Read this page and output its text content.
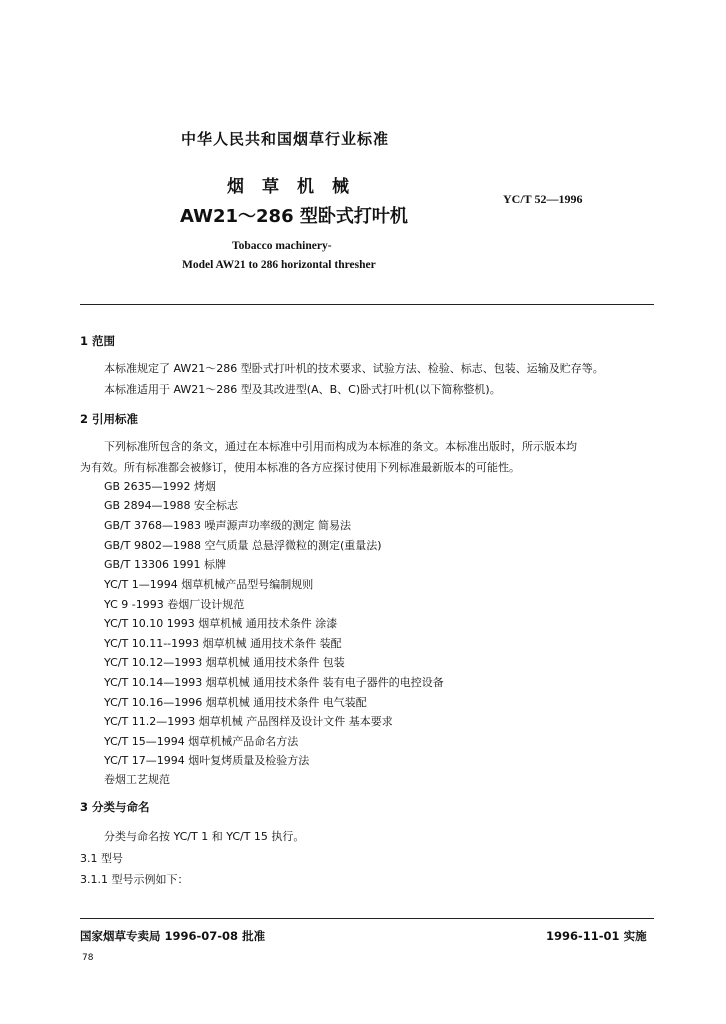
中华人民共和国烟草行业标准
烟草机械
AW21～286 型卧式打叶机
YC/T 52—1996
Tobacco machinery-
Model AW21 to 286 horizontal thresher
1 范围
本标准规定了 AW21～286 型卧式打叶机的技术要求、试验方法、检验、标志、包装、运输及贮存等。
本标准适用于 AW21～286 型及其改进型(A、B、C)卧式打叶机(以下简称整机)。
2 引用标准
下列标准所包含的条文，通过在本标准中引用而构成为本标准的条文。本标准出版时，所示版本均
为有效。所有标准都会被修订，使用本标准的各方应探讨使用下列标准最新版本的可能性。
GB 2635—1992 烤烟
GB 2894—1988 安全标志
GB/T 3768—1983 噪声源声功率级的测定 简易法
GB/T 9802—1988 空气质量 总悬浮微粒的测定(重量法)
GB/T 13306 1991 标牌
YC/T 1—1994 烟草机械产品型号编制规则
YC 9 -1993 卷烟厂设计规范
YC/T 10.10 1993 烟草机械 通用技术条件 涂漆
YC/T 10.11--1993 烟草机械 通用技术条件 装配
YC/T 10.12—1993 烟草机械 通用技术条件 包装
YC/T 10.14—1993 烟草机械 通用技术条件 装有电子器件的电控设备
YC/T 10.16—1996 烟草机械 通用技术条件 电气装配
YC/T 11.2—1993 烟草机械 产品图样及设计文件 基本要求
YC/T 15—1994 烟草机械产品命名方法
YC/T 17—1994 烟叶复烤质量及检验方法
卷烟工艺规范
3 分类与命名
分类与命名按 YC/T 1 和 YC/T 15 执行。
3.1 型号
3.1.1 型号示例如下：
国家烟草专卖局 1996-07-08 批准	1996-11-01 实施
78
